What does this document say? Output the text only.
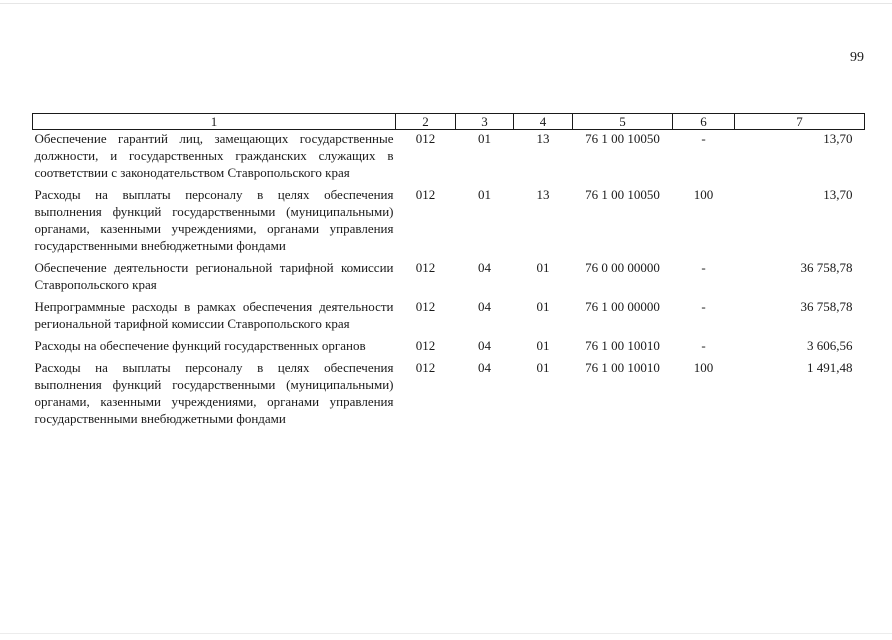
99
1	2	3	4	5	6	7
Обеспечение гарантий лиц, замещающих государственные должности, и государственных гражданских служащих в соответствии с законодательством Ставропольского края	012	01	13	76 1 00 10050	-	13,70
Расходы на выплаты персоналу в целях обеспечения выполнения функций государственными (муниципальными) органами, казенными учреждениями, органами управления государственными внебюджетными фондами	012	01	13	76 1 00 10050	100	13,70
Обеспечение деятельности региональной тарифной комиссии Ставропольского края	012	04	01	76 0 00 00000	-	36 758,78
Непрограммные расходы в рамках обеспечения деятельности региональной тарифной комиссии Ставропольского края	012	04	01	76 1 00 00000	-	36 758,78
Расходы на обеспечение функций государственных органов	012	04	01	76 1 00 10010	-	3 606,56
Расходы на выплаты персоналу в целях обеспечения выполнения функций государственными (муниципальными) органами, казенными учреждениями, органами управления государственными внебюджетными фондами	012	04	01	76 1 00 10010	100	1 491,48
